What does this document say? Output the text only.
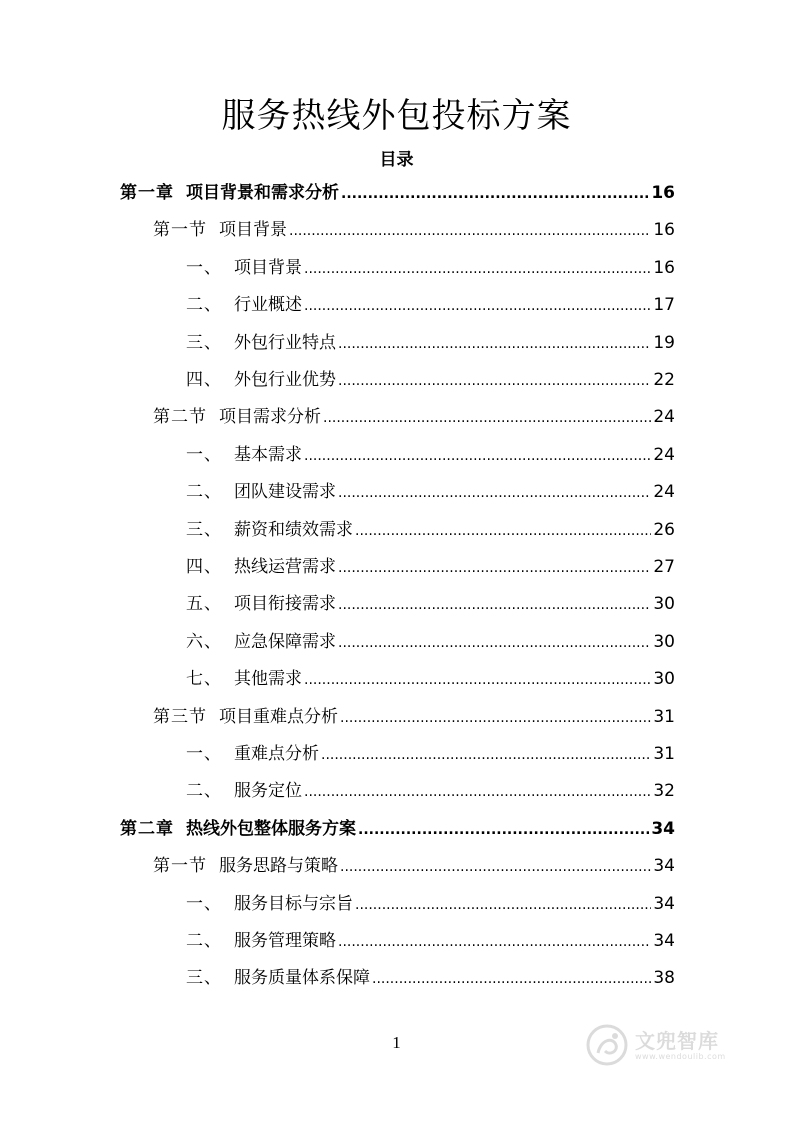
服务热线外包投标方案
目录
第一章 项目背景和需求分析 .....	16
第一节 项目背景 .....	16
一、 项目背景 .....	16
二、 行业概述 .....	17
三、 外包行业特点 .....	19
四、 外包行业优势 .....	22
第二节 项目需求分析 .....	24
一、 基本需求 .....	24
二、 团队建设需求 .....	24
三、 薪资和绩效需求 .....	26
四、 热线运营需求 .....	27
五、 项目衔接需求 .....	30
六、 应急保障需求 .....	30
七、 其他需求 .....	30
第三节 项目重难点分析 .....	31
一、 重难点分析 .....	31
二、 服务定位 .....	32
第二章 热线外包整体服务方案 .....	34
第一节 服务思路与策略 .....	34
一、 服务目标与宗旨 .....	34
二、 服务管理策略 .....	34
三、 服务质量体系保障 .....	38
1	文兜智库
www.wendoulib.com
